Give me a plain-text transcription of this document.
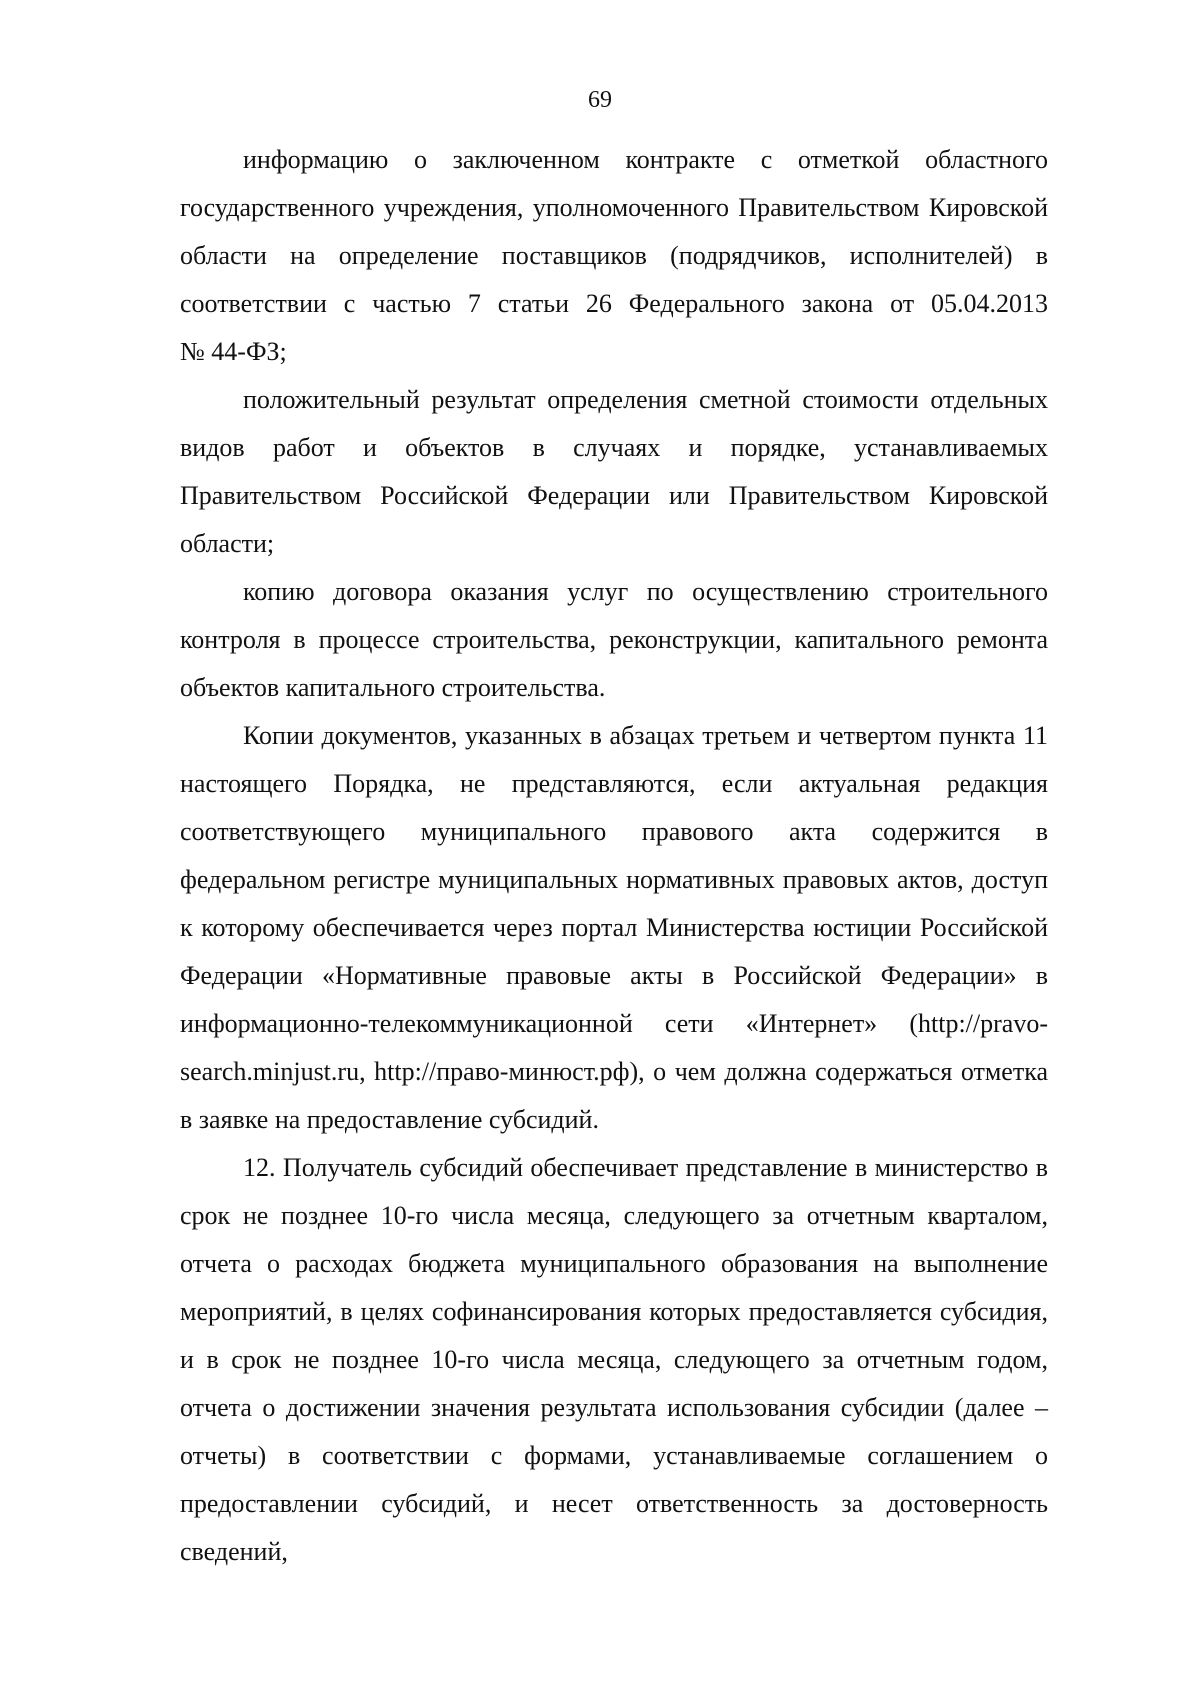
69

информацию о заключенном контракте с отметкой областного государственного учреждения, уполномоченного Правительством Кировской области на определение поставщиков (подрядчиков, исполнителей) в соответствии с частью 7 статьи 26 Федерального закона от 05.04.2013

№ 44-ФЗ;

положительный результат определения сметной стоимости отдельных видов работ и объектов в случаях и порядке, устанавливаемых Правительством Российской Федерации или Правительством Кировской области;

копию договора оказания услуг по осуществлению строительного контроля в процессе строительства, реконструкции, капитального ремонта объектов капитального строительства.

Копии документов, указанных в абзацах третьем и четвертом пункта 11 настоящего Порядка, не представляются, если актуальная редакция соответствующего муниципального правового акта содержится в федеральном регистре муниципальных нормативных правовых актов, доступ к которому обеспечивается через портал Министерства юстиции Российской Федерации «Нормативные правовые акты в Российской Федерации» в информационно-телекоммуникационной сети «Интернет» (http://pravo-search.minjust.ru, http://право-минюст.рф), о чем должна содержаться отметка в заявке на предоставление субсидий.

12. Получатель субсидий обеспечивает представление в министерство в срок не позднее 10-го числа месяца, следующего за отчетным кварталом, отчета о расходах бюджета муниципального образования на выполнение мероприятий, в целях софинансирования которых предоставляется субсидия, и в срок не позднее 10-го числа месяца, следующего за отчетным годом, отчета о достижении значения результата использования субсидии (далее – отчеты) в соответствии с формами, устанавливаемые соглашением о предоставлении субсидий, и несет ответственность за достоверность сведений,
